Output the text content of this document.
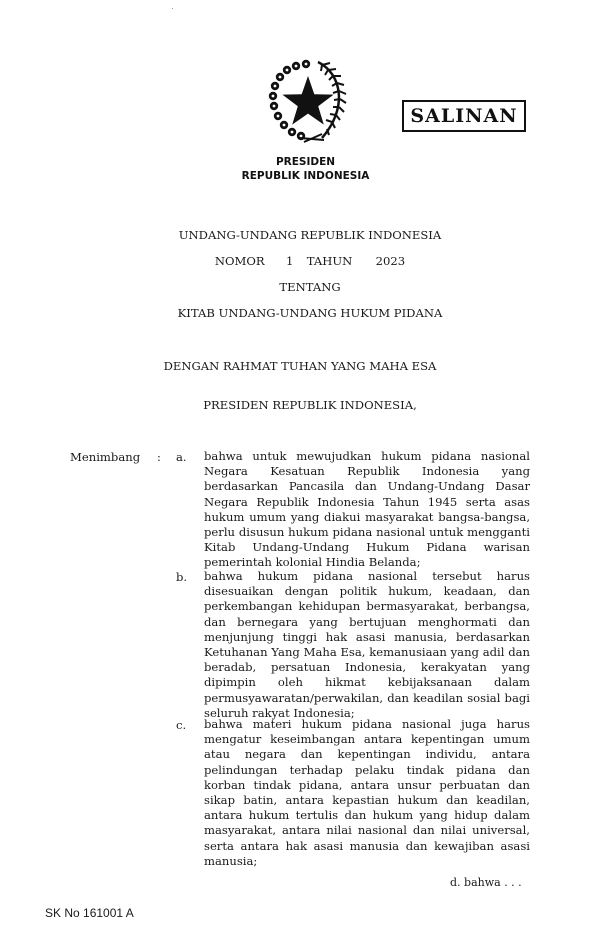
SALINAN
PRESIDEN
REPUBLIK INDONESIA
UNDANG-UNDANG REPUBLIK INDONESIA
NOMOR 1 TAHUN 2023
TENTANG
KITAB UNDANG-UNDANG HUKUM PIDANA
DENGAN RAHMAT TUHAN YANG MAHA ESA
PRESIDEN REPUBLIK INDONESIA,
Menimbang : a. bahwa untuk mewujudkan hukum pidana nasional Negara Kesatuan Republik Indonesia yang berdasarkan Pancasila dan Undang-Undang Dasar Negara Republik Indonesia Tahun 1945 serta asas hukum umum yang diakui masyarakat bangsa-bangsa, perlu disusun hukum pidana nasional untuk mengganti Kitab Undang-Undang Hukum Pidana warisan pemerintah kolonial Hindia Belanda;
b. bahwa hukum pidana nasional tersebut harus disesuaikan dengan politik hukum, keadaan, dan perkembangan kehidupan bermasyarakat, berbangsa, dan bernegara yang bertujuan menghormati dan menjunjung tinggi hak asasi manusia, berdasarkan Ketuhanan Yang Maha Esa, kemanusiaan yang adil dan beradab, persatuan Indonesia, kerakyatan yang dipimpin oleh hikmat kebijaksanaan dalam permusyawaratan/perwakilan, dan keadilan sosial bagi seluruh rakyat Indonesia;
c. bahwa materi hukum pidana nasional juga harus mengatur keseimbangan antara kepentingan umum atau negara dan kepentingan individu, antara pelindungan terhadap pelaku tindak pidana dan korban tindak pidana, antara unsur perbuatan dan sikap batin, antara kepastian hukum dan keadilan, antara hukum tertulis dan hukum yang hidup dalam masyarakat, antara nilai nasional dan nilai universal, serta antara hak asasi manusia dan kewajiban asasi manusia;
d. bahwa . . .
SK No 161001 A
